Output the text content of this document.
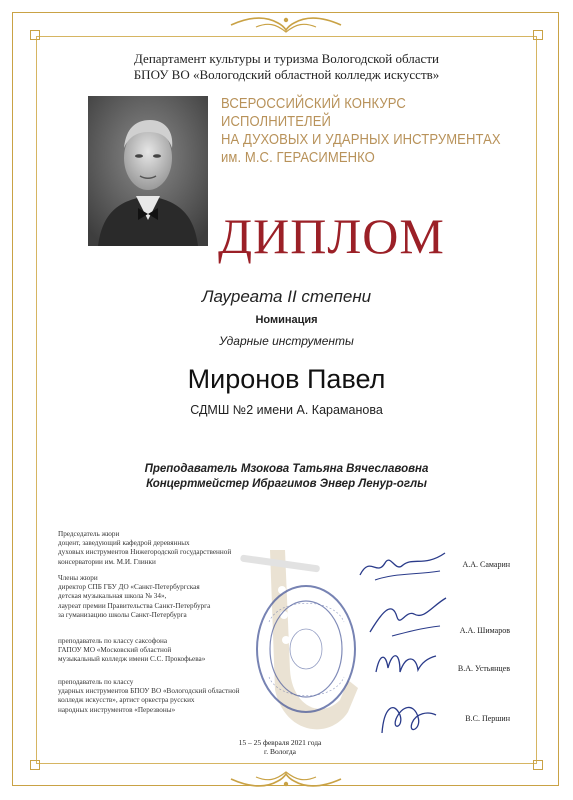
Департамент культуры и туризма Вологодской области
БПОУ ВО «Вологодский областной колледж искусств»
ВСЕРОССИЙСКИЙ КОНКУРС
ИСПОЛНИТЕЛЕЙ
НА ДУХОВЫХ И УДАРНЫХ ИНСТРУМЕНТАХ
им. М.С. ГЕРАСИМЕНКО
ДИПЛОМ
Лауреата II степени
Номинация
Ударные инструменты
Миронов Павел
СДМШ №2 имени А. Караманова
Преподаватель Мзокова Татьяна Вячеславовна
Концертмейстер Ибрагимов Энвер Ленур-оглы
Председатель жюри
доцент, заведующий кафедрой деревянных
духовых инструментов Нижегородской государственной
консерватории им. М.И. Глинки
Члены жюри
директор СПБ ГБУ ДО «Санкт-Петербургская
детская музыкальная школа № 34»,
лауреат премии Правительства Санкт-Петербурга
за гуманизацию школы Санкт-Петербурга
преподаватель по классу саксофона
ГАПОУ МО «Московский областной
музыкальный колледж имени С.С. Прокофьева»
преподаватель по классу
ударных инструментов БПОУ ВО «Вологодский областной
колледж искусств», артист оркестра русских
народных инструментов «Перезвоны»
А.А. Самарин
А.А. Шимаров
В.А. Устьянцев
В.С. Першин
15 – 25 февраля 2021 года
г. Вологда
